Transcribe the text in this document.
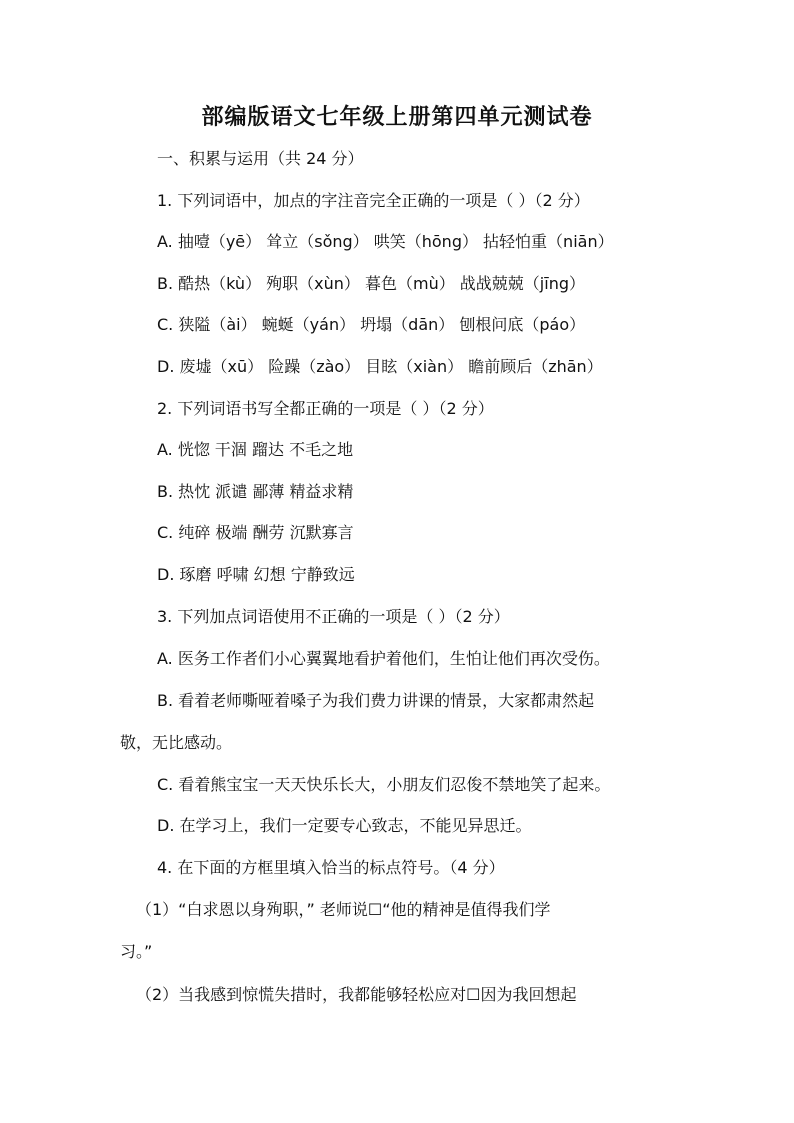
部编版语文七年级上册第四单元测试卷

一、积累与运用（共 24 分）

1. 下列词语中，加点的字注音完全正确的一项是（ ）（2 分）

A. 抽噎（yē） 耸立（sǒng） 哄笑（hōng） 拈轻怕重（niān）

B. 酷热（kù） 殉职（xùn） 暮色（mù） 战战兢兢（jīng）

C. 狭隘（ài） 蜿蜒（yán） 坍塌（dān） 刨根问底（páo）

D. 废墟（xū） 险躁（zào） 目眩（xiàn） 瞻前顾后（zhān）

2. 下列词语书写全都正确的一项是（ ）（2 分）

A. 恍惚 干涸 蹓达 不毛之地

B. 热忱 派谴 鄙薄 精益求精

C. 纯碎 极端 酬劳 沉默寡言

D. 琢磨 呼啸 幻想 宁静致远

3. 下列加点词语使用不正确的一项是（ ）（2 分）

A. 医务工作者们小心翼翼地看护着他们，生怕让他们再次受伤。

B. 看着老师嘶哑着嗓子为我们费力讲课的情景，大家都肃然起

敬，无比感动。

C. 看着熊宝宝一天天快乐长大，小朋友们忍俊不禁地笑了起来。

D. 在学习上，我们一定要专心致志，不能见异思迁。

4. 在下面的方框里填入恰当的标点符号。（4 分）

（1）“白求恩以身殉职，” 老师说☐“他的精神是值得我们学

习。”

（2）当我感到惊慌失措时，我都能够轻松应对☐因为我回想起
